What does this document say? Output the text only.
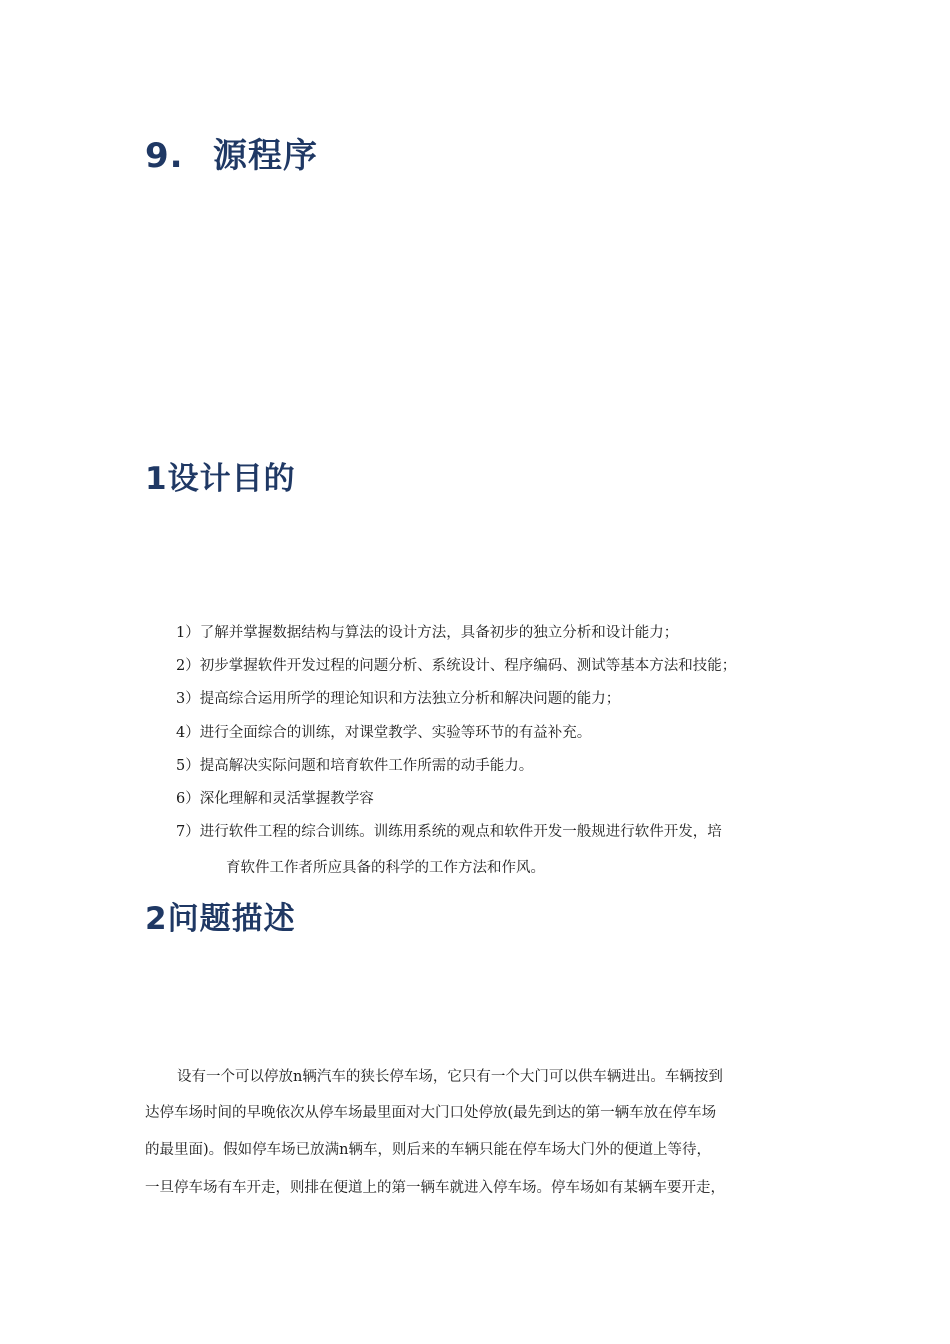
9. 源程序
1设计目的

1）了解并掌握数据结构与算法的设计方法，具备初步的独立分析和设计能力；

2）初步掌握软件开发过程的问题分析、系统设计、程序编码、测试等基本方法和技能；

3）提高综合运用所学的理论知识和方法独立分析和解决问题的能力；

4）进行全面综合的训练，对课堂教学、实验等环节的有益补充。

5）提高解决实际问题和培育软件工作所需的动手能力。

6）深化理解和灵活掌握教学容

7）进行软件工程的综合训练。训练用系统的观点和软件开发一般规进行软件开发，培

育软件工作者所应具备的科学的工作方法和作风。

2问题描述

设有一个可以停放n辆汽车的狭长停车场，它只有一个大门可以供车辆进出。车辆按到

达停车场时间的早晚依次从停车场最里面对大门口处停放(最先到达的第一辆车放在停车场

的最里面)。假如停车场已放满n辆车，则后来的车辆只能在停车场大门外的便道上等待，

一旦停车场有车开走，则排在便道上的第一辆车就进入停车场。停车场如有某辆车要开走，
